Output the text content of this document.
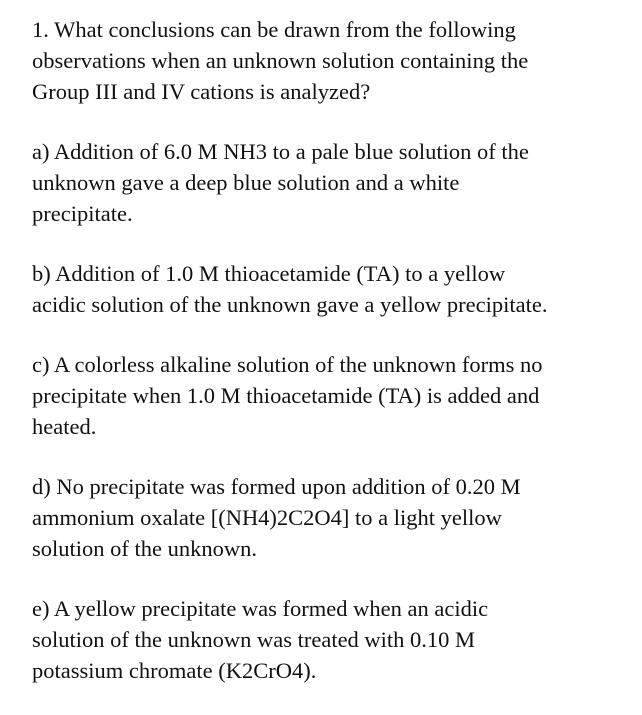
1. What conclusions can be drawn from the following
observations when an unknown solution containing the
Group III and IV cations is analyzed?

a) Addition of 6.0 M NH3 to a pale blue solution of the
unknown gave a deep blue solution and a white
precipitate.

b) Addition of 1.0 M thioacetamide (TA) to a yellow
acidic solution of the unknown gave a yellow precipitate.

c) A colorless alkaline solution of the unknown forms no
precipitate when 1.0 M thioacetamide (TA) is added and
heated.

d) No precipitate was formed upon addition of 0.20 M
ammonium oxalate [(NH4)2C2O4] to a light yellow
solution of the unknown.

e) A yellow precipitate was formed when an acidic
solution of the unknown was treated with 0.10 M
potassium chromate (K2CrO4).
